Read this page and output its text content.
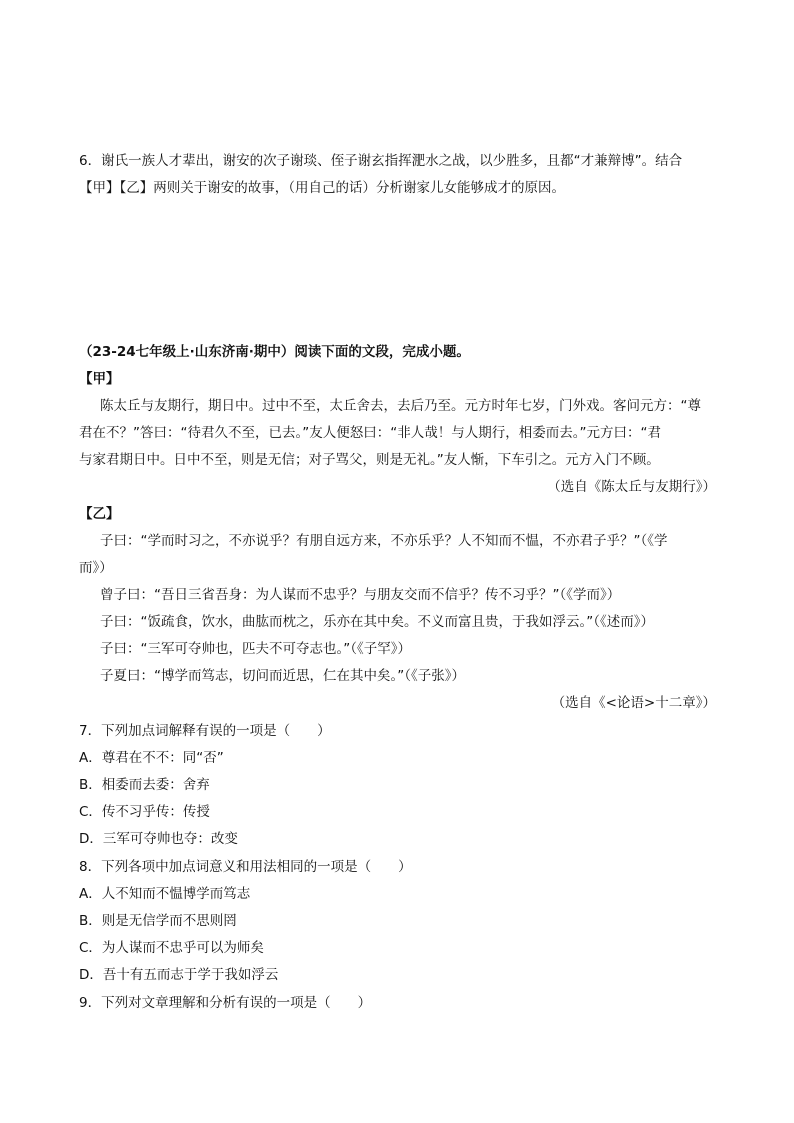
6．谢氏一族人才辈出，谢安的次子谢琰、侄子谢玄指挥淝水之战，以少胜多，且都“才兼辩博”。结合

【甲】【乙】两则关于谢安的故事，（用自己的话）分析谢家儿女能够成才的原因。

（23-24七年级上·山东济南·期中）阅读下面的文段，完成小题。

【甲】

陈太丘与友期行，期日中。过中不至，太丘舍去，去后乃至。元方时年七岁，门外戏。客问元方：“尊

君在不？”答曰：“待君久不至，已去。”友人便怒曰：“非人哉！与人期行，相委而去。”元方曰：“君

与家君期日中。日中不至，则是无信；对子骂父，则是无礼。”友人惭，下车引之。元方入门不顾。

（选自《陈太丘与友期行》）

【乙】

子曰：“学而时习之，不亦说乎？有朋自远方来，不亦乐乎？人不知而不愠，不亦君子乎？”（《学

而》）

曾子曰：“吾日三省吾身：为人谋而不忠乎？与朋友交而不信乎？传不习乎？”（《学而》）

子曰：“饭疏食，饮水，曲肱而枕之，乐亦在其中矣。不义而富且贵，于我如浮云。”（《述而》）

子曰：“三军可夺帅也，匹夫不可夺志也。”（《子罕》）

子夏曰：“博学而笃志，切问而近思，仁在其中矣。”（《子张》）

（选自《<论语>十二章》）

7．下列加点词解释有误的一项是（　　）

A．尊君在不不：同“否”

B．相委而去委：舍弃

C．传不习乎传：传授

D．三军可夺帅也夺：改变

8．下列各项中加点词意义和用法相同的一项是（　　）

A．人不知而不愠博学而笃志

B．则是无信学而不思则罔

C．为人谋而不忠乎可以为师矣

D．吾十有五而志于学于我如浮云

9．下列对文章理解和分析有误的一项是（　　）
